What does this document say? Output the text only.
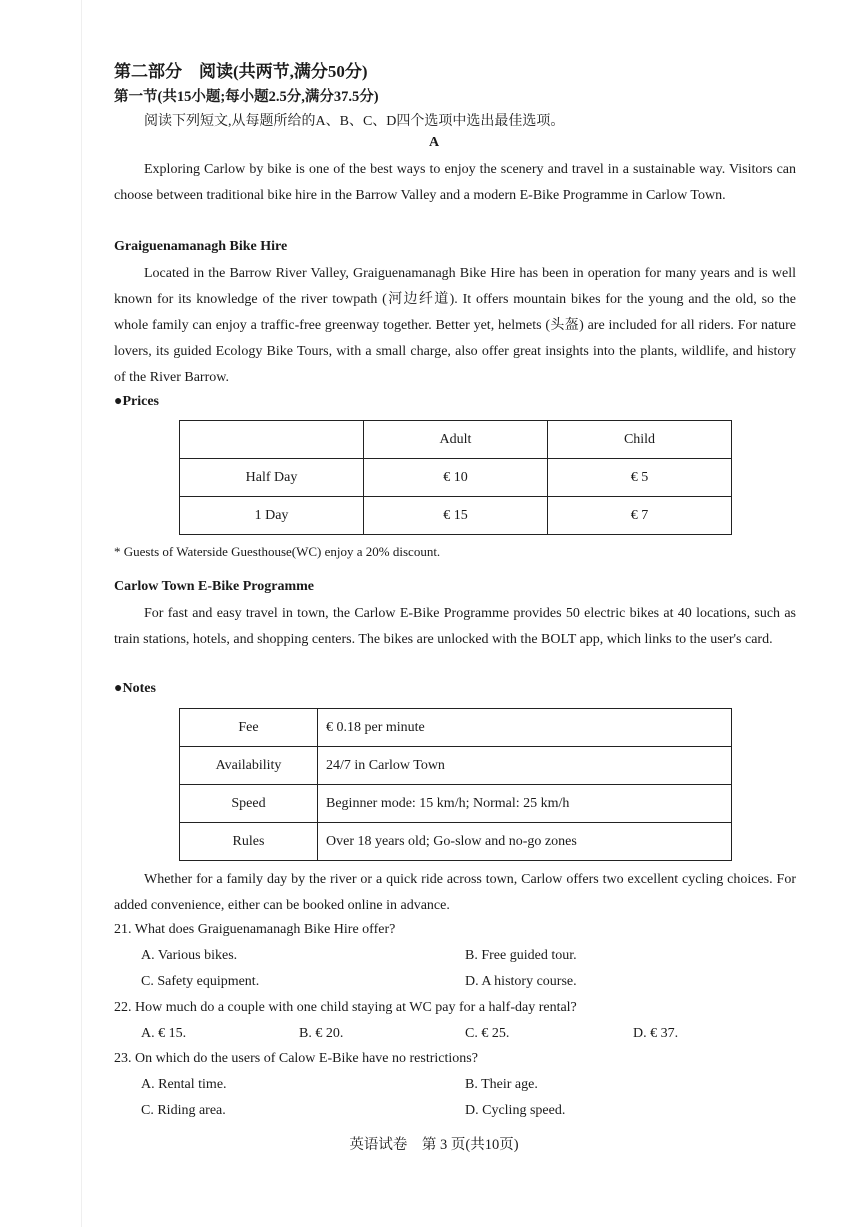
第二部分　阅读(共两节,满分50分)
第一节(共15小题;每小题2.5分,满分37.5分)
阅读下列短文,从每题所给的A、B、C、D四个选项中选出最佳选项。
A
Exploring Carlow by bike is one of the best ways to enjoy the scenery and travel in a sustainable way. Visitors can choose between traditional bike hire in the Barrow Valley and a modern E-Bike Programme in Carlow Town.
Graiguenamanagh Bike Hire
Located in the Barrow River Valley, Graiguenamanagh Bike Hire has been in operation for many years and is well known for its knowledge of the river towpath (河边纤道). It offers mountain bikes for the young and the old, so the whole family can enjoy a traffic-free greenway together. Better yet, helmets (头盔) are included for all riders. For nature lovers, its guided Ecology Bike Tours, with a small charge, also offer great insights into the plants, wildlife, and history of the River Barrow.
●Prices
	Adult	Child
Half Day	€ 10	€ 5
1 Day	€ 15	€ 7
* Guests of Waterside Guesthouse(WC) enjoy a 20% discount.
Carlow Town E-Bike Programme
For fast and easy travel in town, the Carlow E-Bike Programme provides 50 electric bikes at 40 locations, such as train stations, hotels, and shopping centers. The bikes are unlocked with the BOLT app, which links to the user's card.
●Notes
Fee	€ 0.18 per minute
Availability	24/7 in Carlow Town
Speed	Beginner mode: 15 km/h; Normal: 25 km/h
Rules	Over 18 years old; Go-slow and no-go zones
Whether for a family day by the river or a quick ride across town, Carlow offers two excellent cycling choices. For added convenience, either can be booked online in advance.
21. What does Graiguenamanagh Bike Hire offer?
A. Various bikes.	B. Free guided tour.
C. Safety equipment.	D. A history course.
22. How much do a couple with one child staying at WC pay for a half-day rental?
A. € 15.	B. € 20.	C. € 25.	D. € 37.
23. On which do the users of Calow E-Bike have no restrictions?
A. Rental time.	B. Their age.
C. Riding area.	D. Cycling speed.
英语试卷　第 3 页(共10页)
